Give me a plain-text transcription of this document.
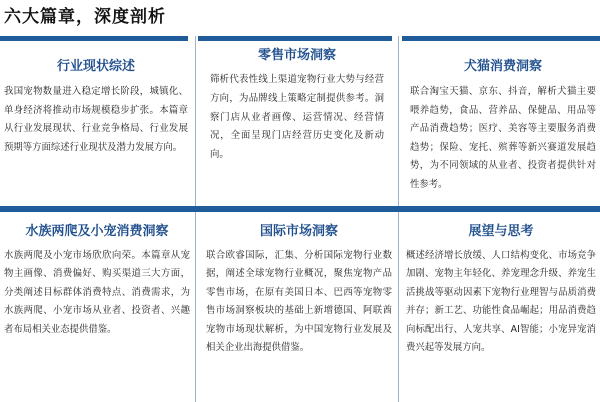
六大篇章，深度剖析
行业现状综述
我国宠物数量进入稳定增长阶段，城镇化、单身经济将推动市场规模稳步扩张。本篇章从行业发展现状、行业竞争格局、行业发展预期等方面综述行业现状及潜力发展方向。
零售市场洞察
筛析代表性线上渠道宠物行业大势与经营方向，为品牌线上策略定制提供参考。洞察门店从业者画像、运营情况、经营情况，全面呈现门店经营历史变化及新动向。
犬猫消费洞察
联合淘宝天猫、京东、抖音，解析犬猫主要喂养趋势，食品、营养品、保健品、用品等产品消费趋势；医疗、美容等主要服务消费趋势；保险、宠托、殡葬等新兴赛道发展趋势，为不同领域的从业者、投资者提供针对性参考。
水族两爬及小宠消费洞察
水族两爬及小宠市场欣欣向荣。本篇章从宠物主画像、消费偏好、购买渠道三大方面，分类阐述目标群体消费特点、消费需求，为水族两爬、小宠市场从业者、投资者、兴趣者布局相关业态提供借鉴。
国际市场洞察
联合欧睿国际，汇集、分析国际宠物行业数据，阐述全球宠物行业概况，聚焦宠物产品零售市场，在原有美国日本、巴西等宠物零售市场洞察板块的基础上新增德国、阿联酋宠物市场现状解析，为中国宠物行业发展及相关企业出海提供借鉴。
展望与思考
概述经济增长放缓、人口结构变化、市场竞争加剧、宠物主年轻化、养宠理念升级、养宠生活挑战等驱动因素下宠物行业理智与品质消费并存；新工艺、功能性食品崛起；用品消费趋向标配出行、人宠共享、AI智能；小宠异宠消费兴起等发展方向。
